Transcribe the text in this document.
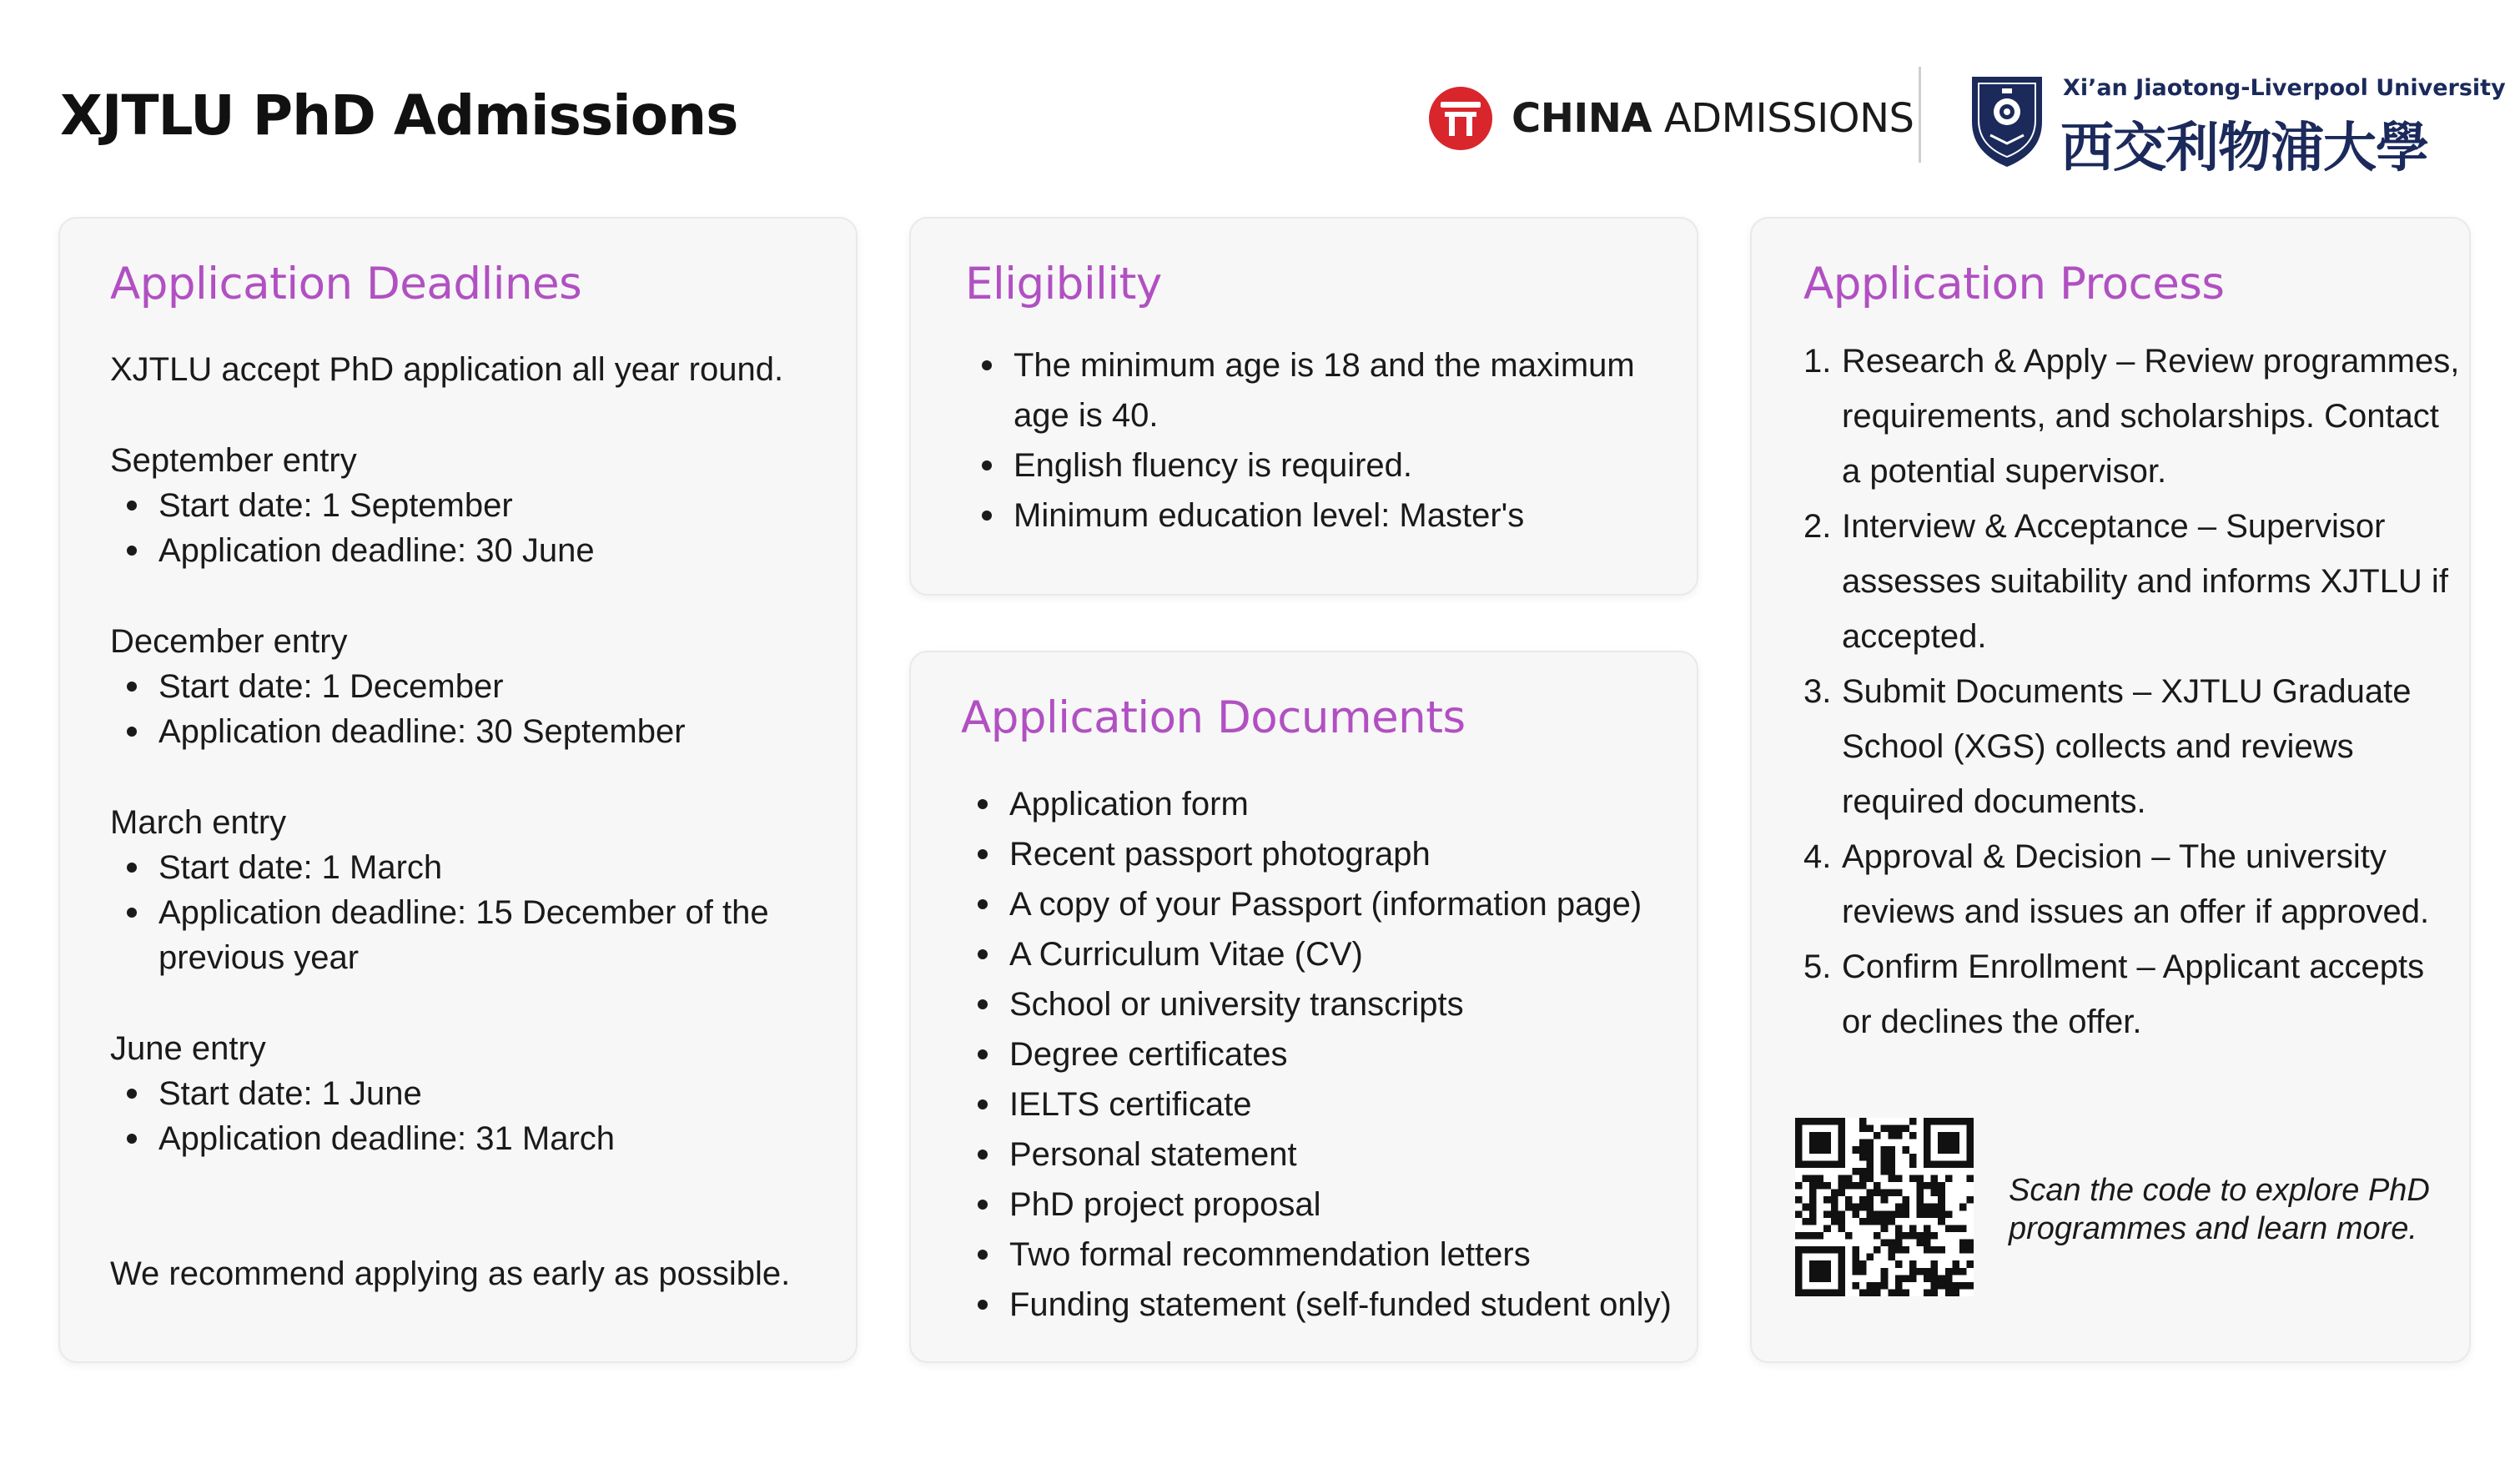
XJTLU PhD Admissions	CHINA ADMISSIONS
Xi’an Jiaotong-Liverpool University
西交利物浦大學
Application Deadlines
XJTLU accept PhD application all year round.
September entry
Start date: 1 September
Application deadline: 30 June
December entry
Start date: 1 December
Application deadline: 30 September
March entry
Start date: 1 March
Application deadline: 15 December of the
previous year
June entry
Start date: 1 June
Application deadline: 31 March
We recommend applying as early as possible.
Eligibility
The minimum age is 18 and the maximum
age is 40.
English fluency is required.
Minimum education level: Master's
Application Documents
Application form
Recent passport photograph
A copy of your Passport (information page)
A Curriculum Vitae (CV)
School or university transcripts
Degree certificates
IELTS certificate
Personal statement
PhD project proposal
Two formal recommendation letters
Funding statement (self-funded student only)
Application Process
1. Research & Apply – Review programmes,
requirements, and scholarships. Contact
a potential supervisor.
2. Interview & Acceptance – Supervisor
assesses suitability and informs XJTLU if
accepted.
3. Submit Documents – XJTLU Graduate
School (XGS) collects and reviews
required documents.
4. Approval & Decision – The university
reviews and issues an offer if approved.
5. Confirm Enrollment – Applicant accepts
or declines the offer.

Scan the code to explore PhD
programmes and learn more.
